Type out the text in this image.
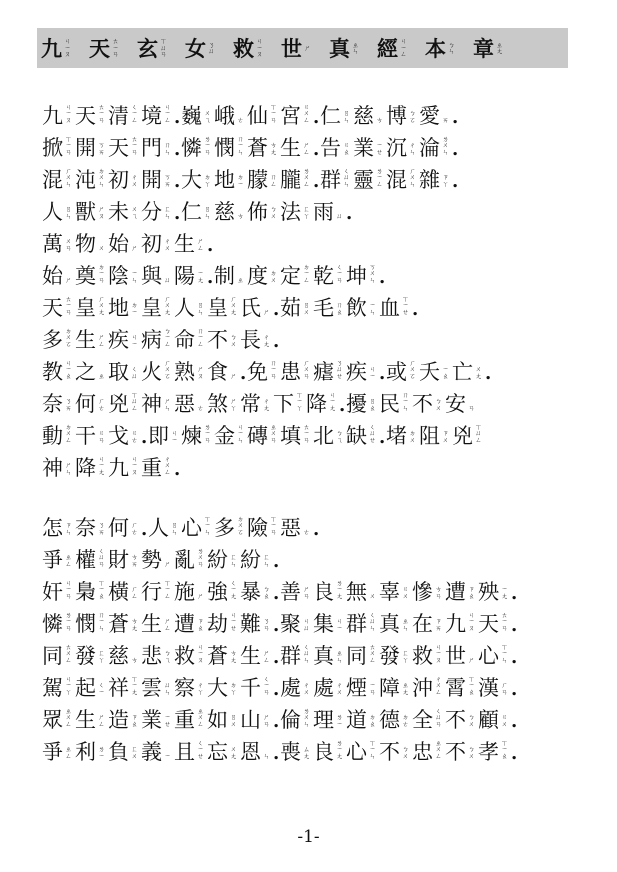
九 ㄐ
ㄧ
ㄡ 天 ㄊ
ㄧ
ㄢ 玄 ㄒ
ㄩ
ㄢ 女 ㄋ
ㄩ 救 ㄐ
ㄧ
ㄡ 世 ㄕ 真 ㄓ
ㄣ 經 ㄐ
ㄧ
ㄥ 本 ㄅ
ㄣ 章 ㄓ
ㄤ
九 ㄐ
ㄧ
ㄡ 天 ㄊ
ㄧ
ㄢ 清 ㄑ
ㄧ
ㄥ 境 ㄐ
ㄧ
ㄥ . 巍 ㄨ
ㄟ 峨 ㄜ 仙 ㄒ
ㄧ
ㄢ 宮 ㄍ
ㄨ
ㄥ . 仁 ㄖ
ㄣ 慈 ㄘ 博 ㄅ
ㄛ 愛 ㄞ .
掀 ㄒ
ㄧ
ㄢ 開 ㄎ
ㄞ 天 ㄊ
ㄧ
ㄢ 門 ㄇ
ㄣ . 憐 ㄌ
ㄧ
ㄢ 憫 ㄇ
ㄧ
ㄣ 蒼 ㄘ
ㄤ 生 ㄕ
ㄥ . 告 ㄍ
ㄠ 業 ㄧ
ㄝ 沉 ㄔ
ㄣ 淪 ㄌ
ㄨ
ㄣ .
混 ㄏ
ㄨ
ㄣ 沌 ㄉ
ㄨ
ㄣ 初 ㄔ
ㄨ 開 ㄎ
ㄞ . 大 ㄉ
ㄚ 地 ㄉ
ㄧ 朦 ㄇ
ㄥ 朧 ㄌ
ㄨ
ㄥ . 群 ㄑ
ㄩ
ㄣ 靈 ㄌ
ㄧ
ㄥ 混 ㄏ
ㄨ
ㄣ 雜 ㄗ
ㄚ .
人 ㄖ
ㄣ 獸 ㄕ
ㄡ 未 ㄨ
ㄟ 分 ㄈ
ㄣ . 仁 ㄖ
ㄣ 慈 ㄘ 佈 ㄅ
ㄨ 法 ㄈ
ㄚ 雨 ㄩ .
萬 ㄨ
ㄢ 物 ㄨ 始 ㄕ 初 ㄔ
ㄨ 生 ㄕ
ㄥ .
始 ㄕ 奠 ㄉ
ㄧ
ㄢ 陰 ㄧ
ㄣ 與 ㄩ 陽 ㄧ
ㄤ . 制 ㄓ 度 ㄉ
ㄨ 定 ㄉ
ㄧ
ㄥ 乾 ㄑ
ㄧ
ㄢ 坤 ㄎ
ㄨ
ㄣ .
天 ㄊ
ㄧ
ㄢ 皇 ㄏ
ㄨ
ㄤ 地 ㄉ
ㄧ 皇 ㄏ
ㄨ
ㄤ 人 ㄖ
ㄣ 皇 ㄏ
ㄨ
ㄤ 氏 ㄕ . 茹 ㄖ
ㄨ 毛 ㄇ
ㄠ 飲 ㄧ
ㄣ 血 ㄒ
ㄧ
ㄝ .
多 ㄉ
ㄨ
ㄛ 生 ㄕ
ㄥ 疾 ㄐ
ㄧ 病 ㄅ
ㄧ
ㄥ 命 ㄇ
ㄧ
ㄥ 不 ㄅ
ㄨ 長 ㄔ
ㄤ .
教 ㄐ
ㄧ
ㄠ 之 ㄓ 取 ㄑ
ㄩ 火 ㄏ
ㄨ
ㄛ 熟 ㄕ
ㄡ 食 ㄕ . 免 ㄇ
ㄧ
ㄢ 患 ㄏ
ㄨ
ㄢ 瘧 ㄋ
ㄩ
ㄝ 疾 ㄐ
ㄧ . 或 ㄏ
ㄨ
ㄛ 夭 ㄧ
ㄠ 亡 ㄨ
ㄤ .
奈 ㄋ
ㄞ 何 ㄏ
ㄜ 兇 ㄒ
ㄩ
ㄥ 神 ㄕ
ㄣ 惡 ㄜ 煞 ㄕ
ㄚ 常 ㄔ
ㄤ 下 ㄒ
ㄧ
ㄚ 降 ㄐ
ㄧ
ㄤ . 擾 ㄖ
ㄠ 民 ㄇ
ㄧ
ㄣ 不 ㄅ
ㄨ 安 ㄢ
動 ㄉ
ㄨ
ㄥ 干 ㄍ
ㄢ 戈 ㄍ
ㄜ . 即 ㄐ
ㄧ 煉 ㄌ
ㄧ
ㄢ 金 ㄐ
ㄧ
ㄣ 磚 ㄓ
ㄨ
ㄢ 填 ㄊ
ㄧ
ㄢ 北 ㄅ
ㄟ 缺 ㄑ
ㄩ
ㄝ . 堵 ㄉ
ㄨ 阻 ㄗ
ㄨ 兇 ㄒ
ㄩ
ㄥ
神 ㄕ
ㄣ 降 ㄐ
ㄧ
ㄤ 九 ㄐ
ㄧ
ㄡ 重 ㄔ
ㄨ
ㄥ .
怎 ㄗ
ㄣ 奈 ㄋ
ㄞ 何 ㄏ
ㄜ . 人 ㄖ
ㄣ 心 ㄒ
ㄧ
ㄣ 多 ㄉ
ㄨ
ㄛ 險 ㄒ
ㄧ
ㄢ 惡 ㄜ .
爭 ㄓ
ㄥ 權 ㄑ
ㄩ
ㄢ 財 ㄘ
ㄞ 勢 ㄕ 亂 ㄌ
ㄨ
ㄢ 紛 ㄈ
ㄣ 紛 ㄈ
ㄣ .
奸 ㄐ
ㄧ
ㄢ 梟 ㄒ
ㄧ
ㄠ 橫 ㄏ
ㄥ 行 ㄒ
ㄧ
ㄥ 施 ㄕ 強 ㄑ
ㄧ
ㄤ 暴 ㄅ
ㄠ . 善 ㄕ
ㄢ 良 ㄌ
ㄧ
ㄤ 無 ㄨ 辜 ㄍ
ㄨ 慘 ㄘ
ㄢ 遭 ㄗ
ㄠ 殃 ㄧ
ㄤ .
憐 ㄌ
ㄧ
ㄢ 憫 ㄇ
ㄧ
ㄣ 蒼 ㄘ
ㄤ 生 ㄕ
ㄥ 遭 ㄗ
ㄠ 劫 ㄐ
ㄧ
ㄝ 難 ㄋ
ㄢ . 聚 ㄐ
ㄩ 集 ㄐ
ㄧ 群 ㄑ
ㄩ
ㄣ 真 ㄓ
ㄣ 在 ㄗ
ㄞ 九 ㄐ
ㄧ
ㄡ 天 ㄊ
ㄧ
ㄢ .
同 ㄊ
ㄨ
ㄥ 發 ㄈ
ㄚ 慈 ㄘ 悲 ㄅ
ㄟ 救 ㄐ
ㄧ
ㄡ 蒼 ㄘ
ㄤ 生 ㄕ
ㄥ . 群 ㄑ
ㄩ
ㄣ 真 ㄓ
ㄣ 同 ㄊ
ㄨ
ㄥ 發 ㄈ
ㄚ 救 ㄐ
ㄧ
ㄡ 世 ㄕ 心 ㄒ
ㄧ
ㄣ .
駕 ㄐ
ㄧ
ㄚ 起 ㄑ
ㄧ 祥 ㄒ
ㄧ
ㄤ 雲 ㄩ
ㄣ 察 ㄔ
ㄚ 大 ㄉ
ㄚ 千 ㄑ
ㄧ
ㄢ . 處 ㄔ
ㄨ 處 ㄔ
ㄨ 煙 ㄧ
ㄢ 障 ㄓ
ㄤ 沖 ㄔ
ㄨ
ㄥ 霄 ㄒ
ㄧ
ㄠ 漢 ㄏ
ㄢ .
眾 ㄓ
ㄨ
ㄥ 生 ㄕ
ㄥ 造 ㄗ
ㄠ 業 ㄧ
ㄝ 重 ㄓ
ㄨ
ㄥ 如 ㄖ
ㄨ 山 ㄕ
ㄢ . 倫 ㄌ
ㄨ
ㄣ 理 ㄌ
ㄧ 道 ㄉ
ㄠ 德 ㄉ
ㄜ 全 ㄑ
ㄩ
ㄢ 不 ㄅ
ㄨ 顧 ㄍ
ㄨ .
爭 ㄓ
ㄥ 利 ㄌ
ㄧ 負 ㄈ
ㄨ 義 ㄧ 且 ㄑ
ㄧ
ㄝ 忘 ㄨ
ㄤ 恩 ㄣ . 喪 ㄙ
ㄤ 良 ㄌ
ㄧ
ㄤ 心 ㄒ
ㄧ
ㄣ 不 ㄅ
ㄨ 忠 ㄓ
ㄨ
ㄥ 不 ㄅ
ㄨ 孝 ㄒ
ㄧ
ㄠ .
-1-
